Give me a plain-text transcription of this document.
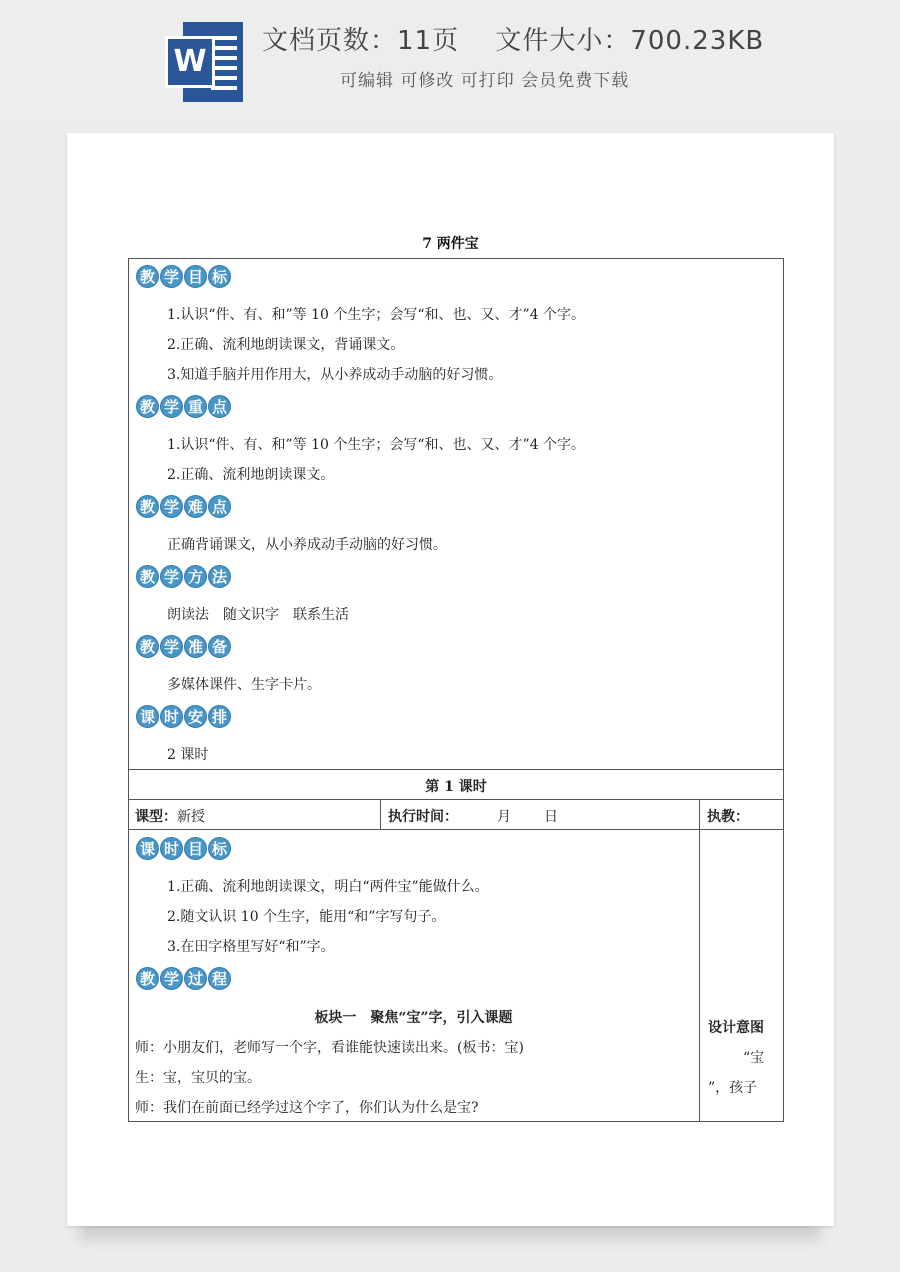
W
文档页数：11页　 文件大小：700.23KB
可编辑 可修改 可打印 会员免费下载
7 两件宝
教 学 目 标
1.认识“件、有、和”等 10 个生字；会写“和、也、又、才”4 个字。
2.正确、流利地朗读课文，背诵课文。
3.知道手脑并用作用大，从小养成动手动脑的好习惯。
教 学 重 点
1.认识“件、有、和”等 10 个生字；会写“和、也、又、才”4 个字。
2.正确、流利地朗读课文。
教 学 难 点
正确背诵课文，从小养成动手动脑的好习惯。
教 学 方 法
朗读法　随文识字　联系生活
教 学 准 备
多媒体课件、生字卡片。
课 时 安 排
2 课时
第 1 课时
课型：新授	执行时间：	月 日	执教：
课 时 目 标
1.正确、流利地朗读课文，明白“两件宝”能做什么。
2.随文认识 10 个生字，能用“和”字写句子。
3.在田字格里写好“和”字。
教 学 过 程
板块一　聚焦“宝”字，引入课题
师：小朋友们，老师写一个字，看谁能快速读出来。(板书：宝)
生：宝，宝贝的宝。
师：我们在前面已经学过这个字了，你们认为什么是宝?
设计意图
“宝
”，孩子
